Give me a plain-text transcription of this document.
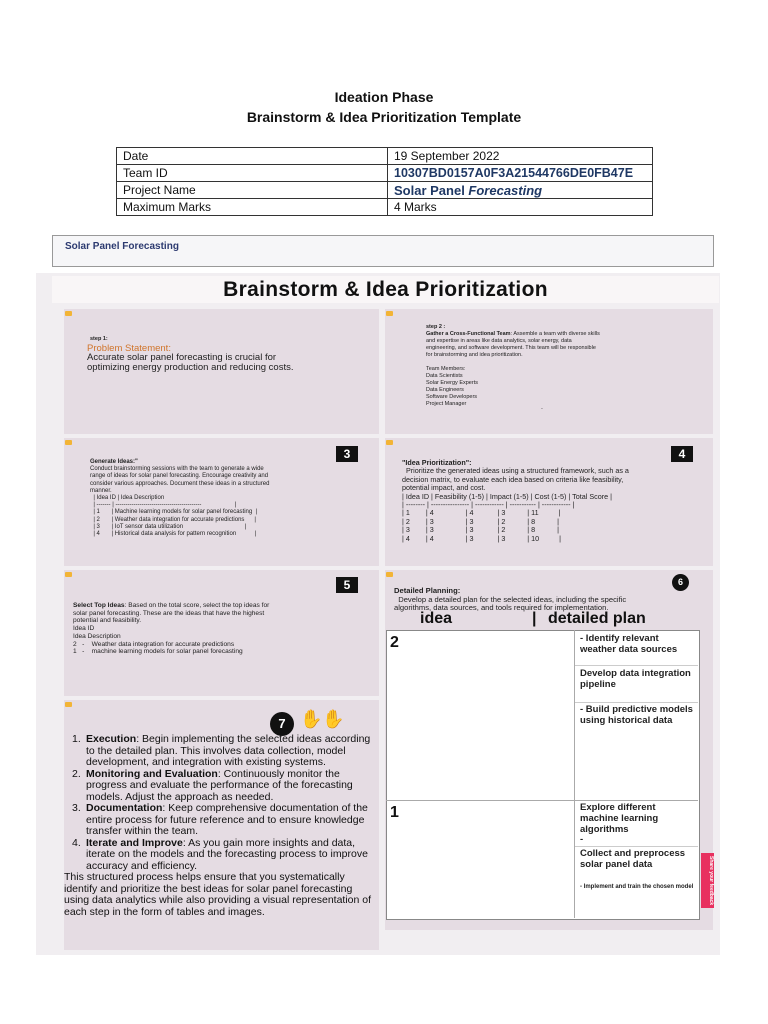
Ideation Phase
Brainstorm & Idea Prioritization Template
Date	19 September 2022
Team ID	10307BD0157A0F3A21544766DE0FB47E
Project Name	Solar Panel Forecasting
Maximum Marks	4 Marks
Solar Panel Forecasting
Brainstorm & Idea Prioritization
step 1:
Problem Statement:
Accurate solar panel forecasting is crucial for
optimizing energy production and reducing costs.
step 2 :
Gather a Cross-Functional Team: Assemble a team with diverse skills
and expertise in areas like data analytics, solar energy, data
engineering, and software development. This team will be responsible
for brainstorming and idea prioritization.

Team Members:
Data Scientists
Solar Energy Experts
Data Engineers
Software Developers
Project Manager	.
3
Generate Ideas:"
Conduct brainstorming sessions with the team to generate a wide
range of ideas for solar panel forecasting. Encourage creativity and
consider various approaches. Document these ideas in a structured
manner.
| Idea ID | Idea Description
| ------- | -------------------------------------------                    |
| 1       | Machine learning models for solar panel forecasting  |
| 2       | Weather data integration for accurate predictions      |
| 3       | IoT sensor data utilization                                     |
| 4       | Historical data analysis for pattern recognition           |
4
"Idea Prioritization":
Prioritize the generated ideas using a structured framework, such as a
decision matrix, to evaluate each idea based on criteria like feasibility,
potential impact, and cost.
| Idea ID | Feasibility (1-5) | Impact (1-5) | Cost (1-5) | Total Score |
| -------- | ---------------- | ------------ | ----------- | ------------ |
| 1        | 4                | 4            | 3           | 11          |
| 2        | 3                | 3            | 2           | 8           |
| 3        | 3                | 3            | 2           | 8           |
| 4        | 4                | 3            | 3           | 10          |
5
Select Top Ideas: Based on the total score, select the top ideas for
solar panel forecasting. These are the ideas that have the highest
potential and feasibility.
Idea ID
Idea Description
2   -    Weather data integration for accurate predictions
1   -    machine learning models for solar panel forecasting
6
Detailed Planning:
Develop a detailed plan for the selected ideas, including the specific
algorithms, data sources, and tools required for implementation.
idea	| detailed plan
2	- Identify relevant weather data sources
Develop data integration pipeline
- Build predictive models using historical data
1	Explore different machine learning algorithms
-
Collect and preprocess solar panel data
- Implement and train the chosen model
7 ✋✋
1. Execution: Begin implementing the selected ideas according to the detailed plan. This involves data collection, model development, and integration with existing systems.
2. Monitoring and Evaluation: Continuously monitor the progress and evaluate the performance of the forecasting models. Adjust the approach as needed.
3. Documentation: Keep comprehensive documentation of the entire process for future reference and to ensure knowledge transfer within the team.
4. Iterate and Improve: As you gain more insights and data, iterate on the models and the forecasting process to improve accuracy and efficiency.
This structured process helps ensure that you systematically identify and prioritize the best ideas for solar panel forecasting using data analytics while also providing a visual representation of each step in the form of tables and images.
Share your feedback
